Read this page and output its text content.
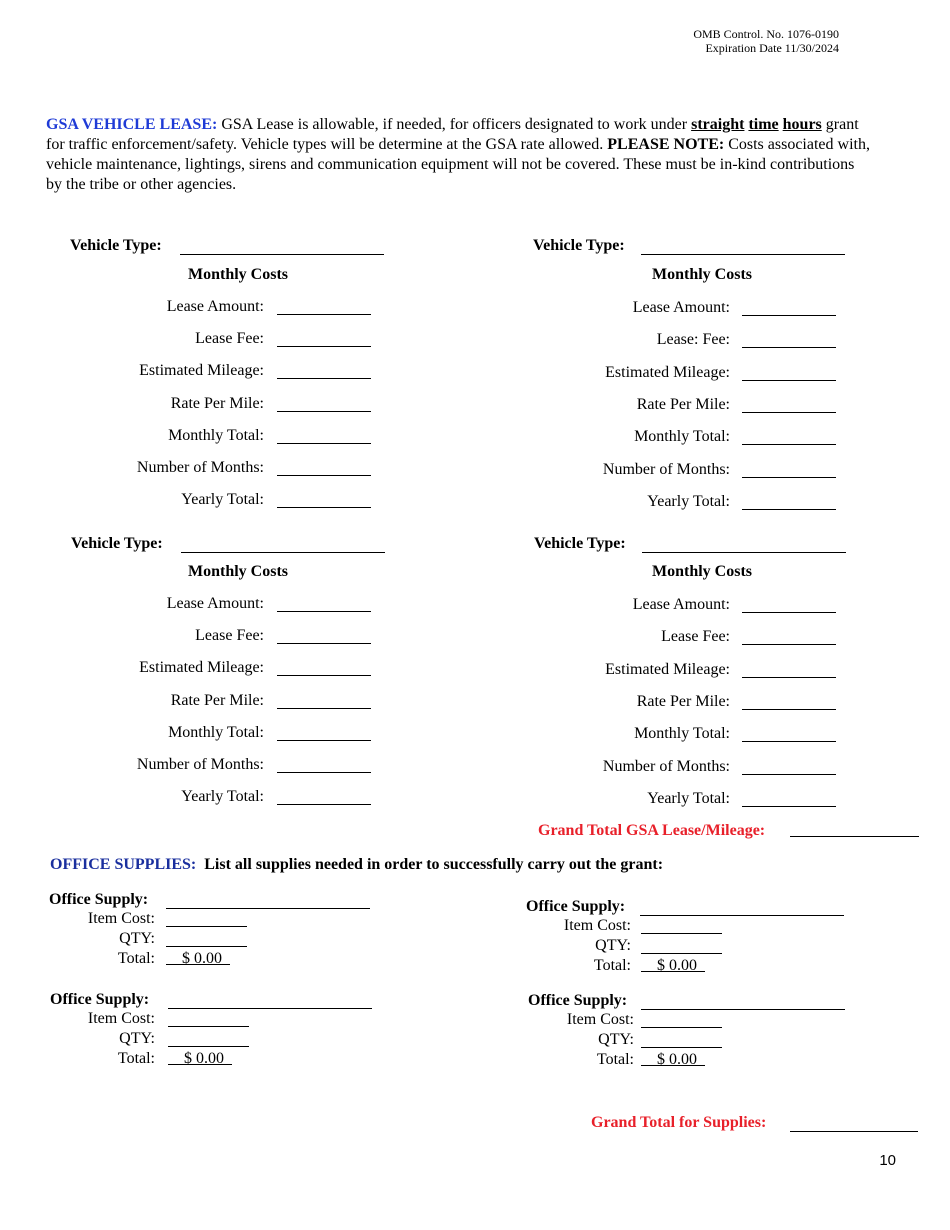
OMB Control. No. 1076-0190
Expiration Date 11/30/2024
GSA VEHICLE LEASE: GSA Lease is allowable, if needed, for officers designated to work under straight time hours grant for traffic enforcement/safety. Vehicle types will be determine at the GSA rate allowed. PLEASE NOTE: Costs associated with, vehicle maintenance, lightings, sirens and communication equipment will not be covered. These must be in-kind contributions by the tribe or other agencies.
Vehicle Type:
Monthly Costs
Lease Amount:
Lease Fee:
Estimated Mileage:
Rate Per Mile:
Monthly Total:
Number of Months:
Yearly Total:
Vehicle Type:
Monthly Costs
Lease Amount:
Lease: Fee:
Estimated Mileage:
Rate Per Mile:
Monthly Total:
Number of Months:
Yearly Total:
Vehicle Type:
Monthly Costs
Lease Amount:
Lease Fee:
Estimated Mileage:
Rate Per Mile:
Monthly Total:
Number of Months:
Yearly Total:
Vehicle Type:
Monthly Costs
Lease Amount:
Lease Fee:
Estimated Mileage:
Rate Per Mile:
Monthly Total:
Number of Months:
Yearly Total:
Grand Total GSA Lease/Mileage:
OFFICE SUPPLIES: List all supplies needed in order to successfully carry out the grant:
Office Supply:
Item Cost:
QTY:
Total:	$ 0.00
Office Supply:
Item Cost:
QTY:
Total:	$ 0.00
Office Supply:
Item Cost:
QTY:
Total:	$ 0.00
Office Supply:
Item Cost:
QTY:
Total:	$ 0.00
Grand Total for Supplies:
10
